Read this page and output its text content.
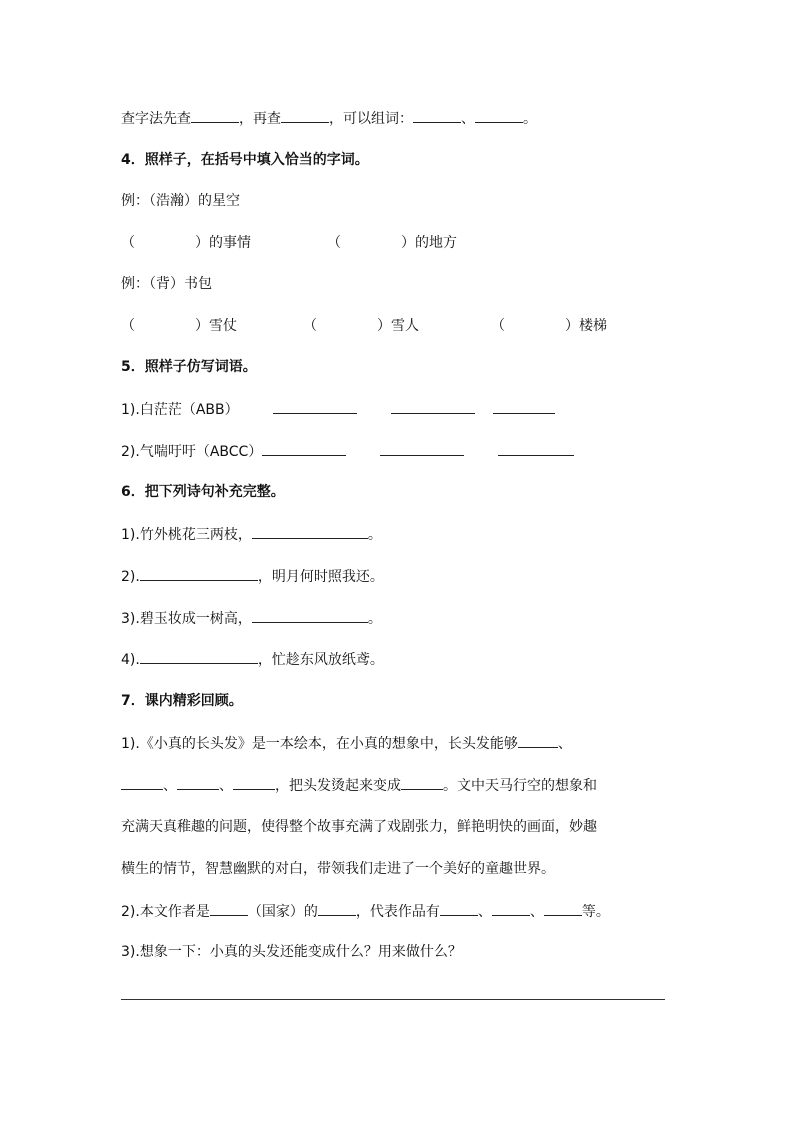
查字法先查	，再查	，可以组词：	、	。
4．照样子，在括号中填入恰当的字词。
例：（浩瀚）的星空
（	）的事情	（	）的地方
例：（背）书包
（	）雪仗	（	）雪人	（	）楼梯
5．照样子仿写词语。
1).白茫茫（ABB）
2).气喘吁吁（ABCC）
6．把下列诗句补充完整。
1).竹外桃花三两枝，	。
2).	，明月何时照我还。
3).碧玉妆成一树高，	。
4).	，忙趁东风放纸鸢。
7．课内精彩回顾。
1).《小真的长头发》是一本绘本，在小真的想象中，长头发能够	、
、	、	，把头发烫起来变成	。文中天马行空的想象和
充满天真稚趣的问题，使得整个故事充满了戏剧张力，鲜艳明快的画面，妙趣
横生的情节，智慧幽默的对白，带领我们走进了一个美好的童趣世界。
2).本文作者是	（国家）的	，代表作品有	、	、	等。
3).想象一下：小真的头发还能变成什么？用来做什么？
